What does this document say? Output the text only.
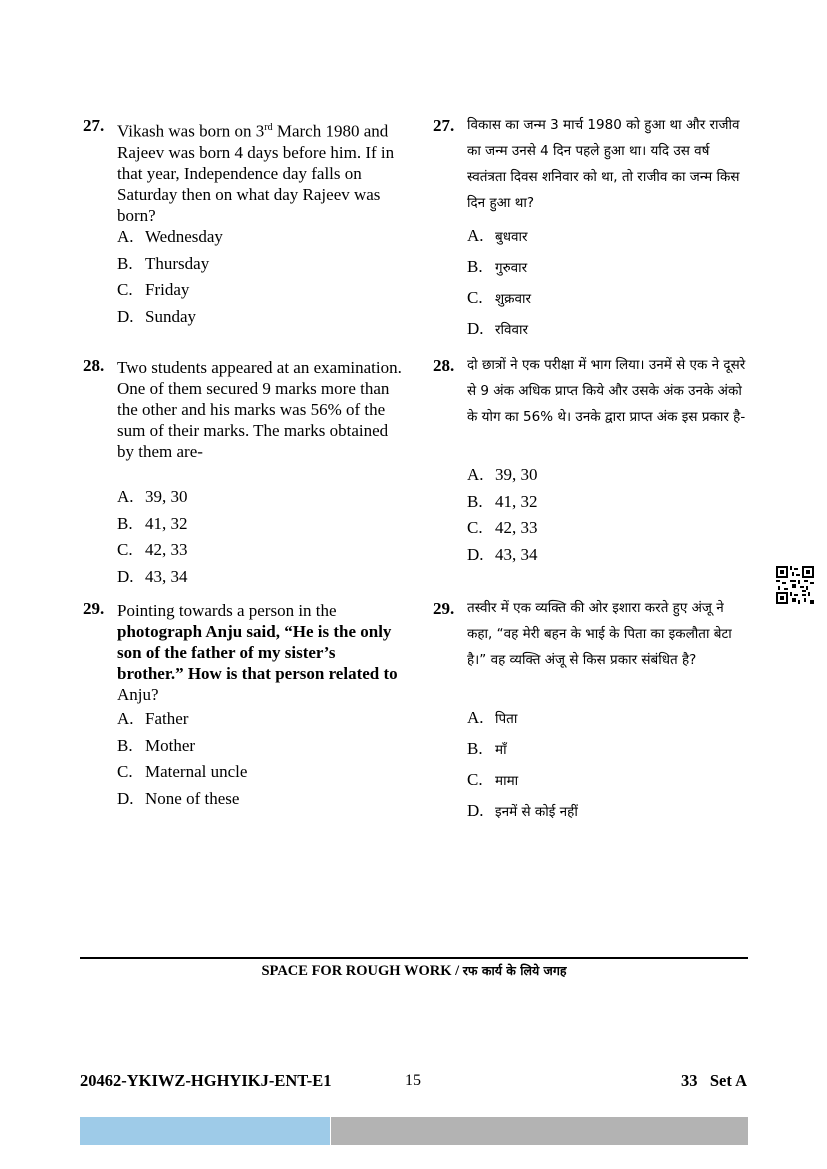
27. Vikash was born on 3rd March 1980 and Rajeev was born 4 days before him. If in that year, Independence day falls on Saturday then on what day Rajeev was born?
A. Wednesday
B. Thursday
C. Friday
D. Sunday
28. Two students appeared at an examination. One of them secured 9 marks more than the other and his marks was 56% of the sum of their marks. The marks obtained by them are-
A. 39, 30
B. 41, 32
C. 42, 33
D. 43, 34
29. Pointing towards a person in the photograph Anju said, “He is the only son of the father of my sister’s brother.” How is that person related to Anju?
A. Father
B. Mother
C. Maternal uncle
D. None of these
27. विकास का जन्म 3 मार्च 1980 को हुआ था और राजीव का जन्म उनसे 4 दिन पहले हुआ था। यदि उस वर्ष स्वतंत्रता दिवस शनिवार को था, तो राजीव का जन्म किस दिन हुआ था?
A. बुधवार
B. गुरुवार
C. शुक्रवार
D. रविवार
28. दो छात्रों ने एक परीक्षा में भाग लिया। उनमें से एक ने दूसरे से 9 अंक अधिक प्राप्त किये और उसके अंक उनके अंको के योग का 56% थे। उनके द्वारा प्राप्त अंक इस प्रकार है-
A. 39, 30
B. 41, 32
C. 42, 33
D. 43, 34
29. तस्वीर में एक व्यक्ति की ओर इशारा करते हुए अंजू ने कहा, “वह मेरी बहन के भाई के पिता का इकलौता बेटा है।” वह व्यक्ति अंजू से किस प्रकार संबंधित है?
A. पिता
B. माँ
C. मामा
D. इनमें से कोई नहीं
SPACE FOR ROUGH WORK / रफ कार्य के लिये जगह
20462-YKIWZ-HGHYIKJ-ENT-E1	15	33   Set A
